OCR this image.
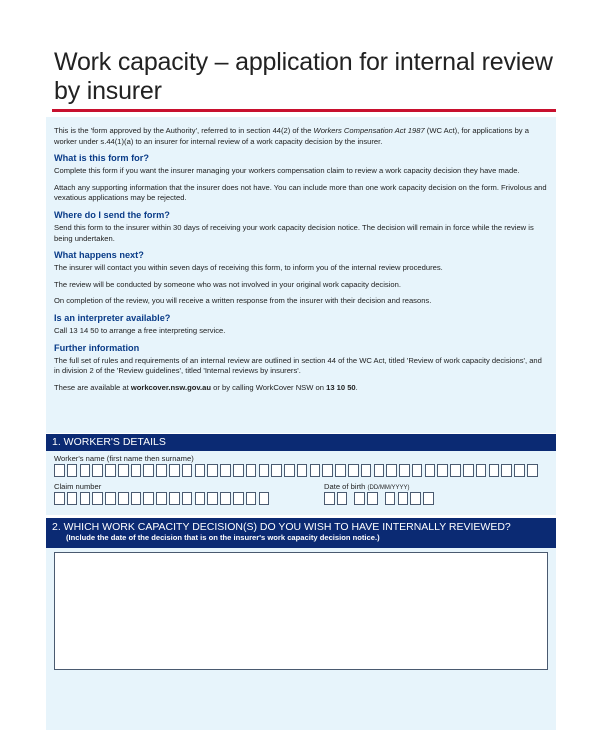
Work capacity – application for internal review by insurer

This is the 'form approved by the Authority', referred to in section 44(2) of the Workers Compensation Act 1987 (WC Act), for applications by a worker under s.44(1)(a) to an insurer for internal review of a work capacity decision by the insurer.

What is this form for?

Complete this form if you want the insurer managing your workers compensation claim to review a work capacity decision they have made.

Attach any supporting information that the insurer does not have. You can include more than one work capacity decision on the form. Frivolous and vexatious applications may be rejected.

Where do I send the form?

Send this form to the insurer within 30 days of receiving your work capacity decision notice. The decision will remain in force while the review is being undertaken.

What happens next?

The insurer will contact you within seven days of receiving this form, to inform you of the internal review procedures.

The review will be conducted by someone who was not involved in your original work capacity decision.

On completion of the review, you will receive a written response from the insurer with their decision and reasons.

Is an interpreter available?

Call 13 14 50 to arrange a free interpreting service.

Further information

The full set of rules and requirements of an internal review are outlined in section 44 of the WC Act, titled 'Review of work capacity decisions', and in division 2 of the 'Review guidelines', titled 'Internal reviews by insurers'.

These are available at workcover.nsw.gov.au or by calling WorkCover NSW on 13 10 50.

1. WORKER'S DETAILS
Worker's name (first name then surname)
Claim number	Date of birth (DD/MM/YYYY)
2. WHICH WORK CAPACITY DECISION(S) DO YOU WISH TO HAVE INTERNALLY REVIEWED?
(Include the date of the decision that is on the insurer's work capacity decision notice.)
